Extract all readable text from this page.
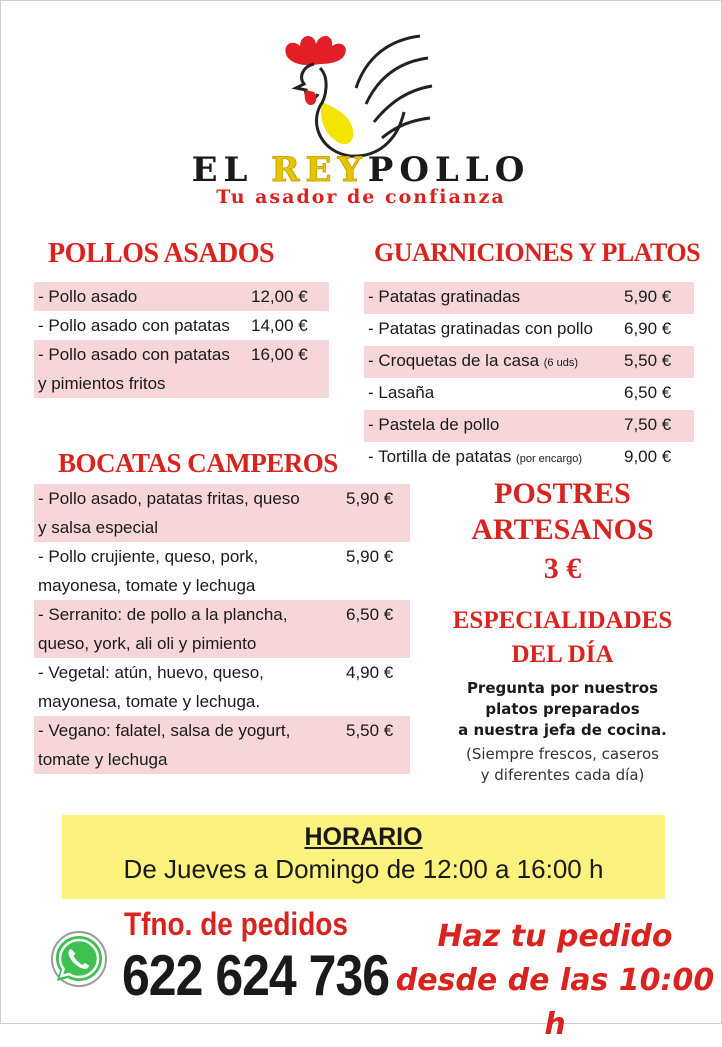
EL REYPOLLO
Tu asador de confianza
POLLOS ASADOS
- Pollo asado	12,00 €
- Pollo asado con patatas	14,00 €
- Pollo asado con patatas
y pimientos fritos
16,00 €
GUARNICIONES Y PLATOS
- Patatas gratinadas	5,90 €
- Patatas gratinadas con pollo	6,90 €
- Croquetas de la casa (6 uds)	5,50 €
- Lasaña	6,50 €
- Pastela de pollo	7,50 €
- Tortilla de patatas (por encargo)	9,00 €
BOCATAS CAMPEROS
- Pollo asado, patatas fritas, queso
y salsa especial
5,90 €
- Pollo crujiente, queso, pork,
mayonesa, tomate y lechuga
5,90 €
- Serranito: de pollo a la plancha,
queso, york, ali oli y pimiento
6,50 €
- Vegetal: atún, huevo, queso,
mayonesa, tomate y lechuga.
4,90 €
- Vegano: falatel, salsa de yogurt,
tomate y lechuga
5,50 €
POSTRES
ARTESANOS
3 €
ESPECIALIDADES
DEL DÍA
Pregunta por nuestros
platos preparados
a nuestra jefa de cocina.
(Siempre frescos, caseros
y diferentes cada día)
HORARIO
De Jueves a Domingo de 12:00 a 16:00 h
Tfno. de pedidos
622 624 736
Haz tu pedido
desde de las 10:00 h
